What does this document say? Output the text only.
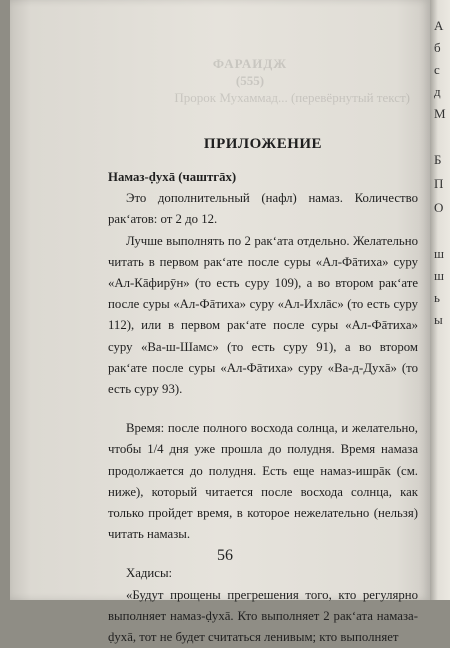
ФАРАИДЖ
(555)
Пророк Мухаммад... (перевёрнутый текст)
ПРИЛОЖЕНИЕ

Намаз-ḍухā (чаштгāх)

Это дополнительный (нафл) намаз. Количество рак‘атов: от 2 до 12.

Лучше выполнять по 2 рак‘ата отдельно. Желательно читать в первом рак‘ате после суры «Ал-Фāтиха» суру «Ал-Кāфирӯн» (то есть суру 109), а во втором рак‘ате после суры «Ал-Фāтиха» суру «Ал-Ихлāс» (то есть суру 112), или в первом рак‘ате после суры «Ал-Фāтиха» суру «Ва-ш-Шамс» (то есть суру 91), а во втором рак‘ате после суры «Ал-Фāтиха» суру «Ва-д-Духā» (то есть суру 93).

Время: после полного восхода солнца, и желательно, чтобы 1/4 дня уже прошла до полудня. Время намаза продолжается до полудня. Есть еще намаз-ишрāк (см. ниже), который читается после восхода солнца, как только пройдет время, в которое нежелательно (нельзя) читать намазы.

Хадисы:

«Будут прощены прегрешения того, кто регулярно выполняет намаз-ḍухā. Кто выполняет 2 рак‘ата намаза-ḍухā, тот не будет считаться ленивым; кто выполняет

А
б
с
д
М
Б
П
О
ш
ш
ь
ы
56
